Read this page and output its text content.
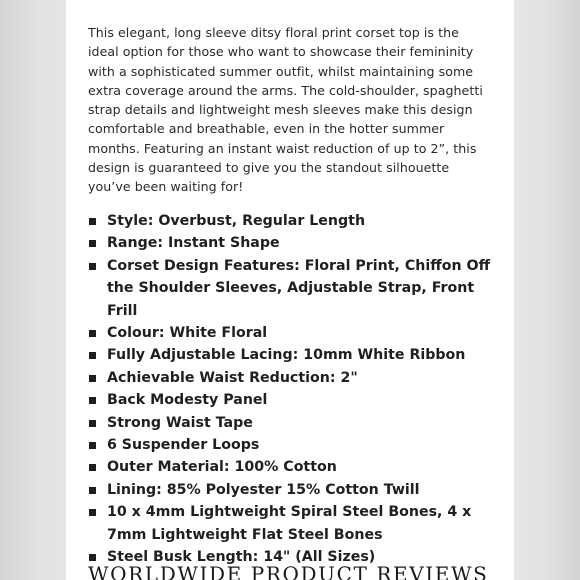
This elegant, long sleeve ditsy floral print corset top is the ideal option for those who want to showcase their femininity with a sophisticated summer outfit, whilst maintaining some extra coverage around the arms. The cold-shoulder, spaghetti strap details and lightweight mesh sleeves make this design comfortable and breathable, even in the hotter summer months. Featuring an instant waist reduction of up to 2”, this design is guaranteed to give you the standout silhouette you’ve been waiting for!

Style: Overbust, Regular Length
Range: Instant Shape
Corset Design Features: Floral Print, Chiffon Off the Shoulder Sleeves, Adjustable Strap, Front Frill
Colour: White Floral
Fully Adjustable Lacing: 10mm White Ribbon
Achievable Waist Reduction: 2"
Back Modesty Panel
Strong Waist Tape
6 Suspender Loops
Outer Material: 100% Cotton
Lining: 85% Polyester 15% Cotton Twill
10 x 4mm Lightweight Spiral Steel Bones, 4 x 7mm Lightweight Flat Steel Bones
Steel Busk Length: 14" (All Sizes)
WORLDWIDE PRODUCT REVIEWS
